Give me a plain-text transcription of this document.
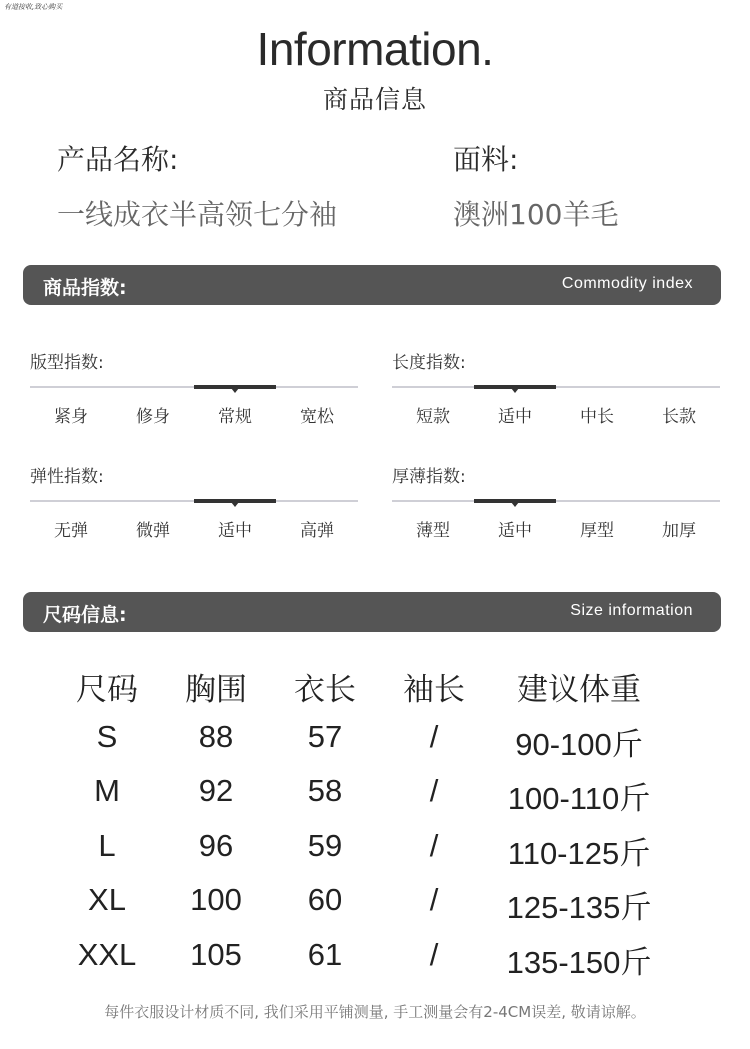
有道接收,致心购买
Information.
商品信息
产品名称:
一线成衣半高领七分袖
面料:
澳洲100羊毛
商品指数:	Commodity index
版型指数:
紧身	修身	常规	宽松
长度指数:
短款	适中	中长	长款
弹性指数:
无弹	微弹	适中	高弹
厚薄指数:
薄型	适中	厚型	加厚
尺码信息:	Size information
尺码	胸围	衣长	袖长	建议体重
S	88	57	/	90-100斤
M	92	58	/	100-110斤
L	96	59	/	110-125斤
XL	100	60	/	125-135斤
XXL	105	61	/	135-150斤
每件衣服设计材质不同, 我们采用平铺测量, 手工测量会有2-4CM误差, 敬请谅解。
